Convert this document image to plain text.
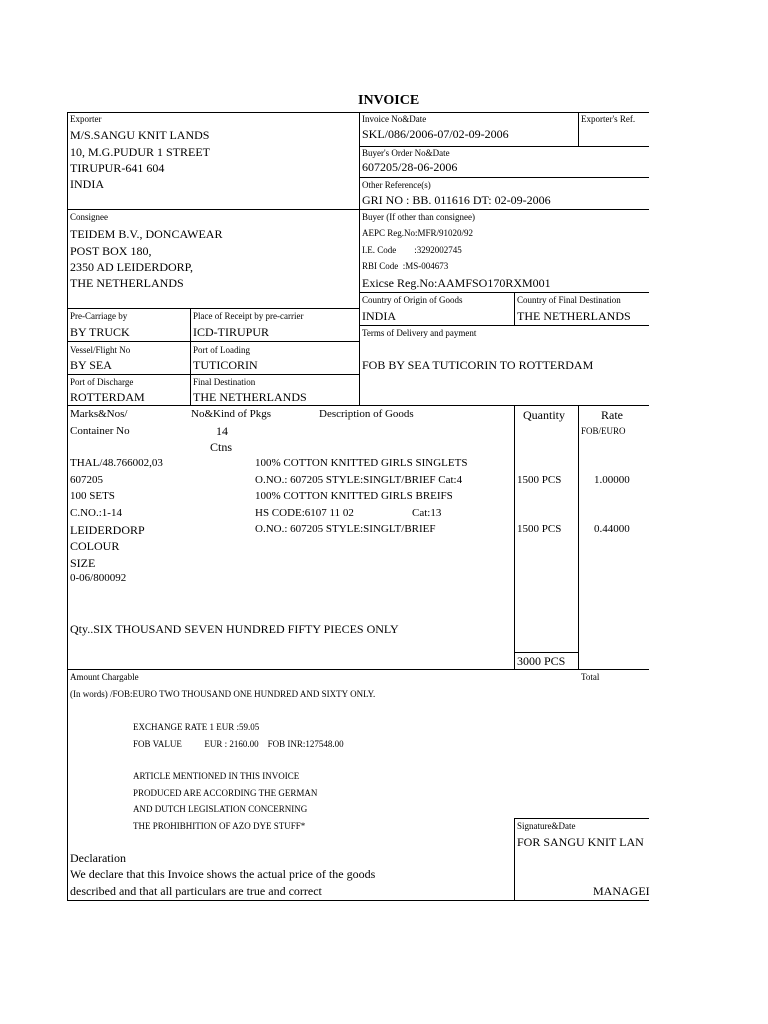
INVOICE
Exporter
M/S.SANGU KNIT LANDS
10, M.G.PUDUR 1 STREET
TIRUPUR-641 604
INDIA
Invoice No&Date
SKL/086/2006-07/02-09-2006
Exporter's Ref.
Buyer's Order No&Date
607205/28-06-2006
Other Reference(s)
GRI NO : BB. 011616 DT: 02-09-2006
Consignee
TEIDEM B.V., DONCAWEAR
POST BOX 180,
2350 AD LEIDERDORP,
THE NETHERLANDS
Buyer (If other than consignee)
AEPC Reg.No:MFR/91020/92
I.E. Code        :3292002745
RBI Code  :MS-004673
Exicse Reg.No:AAMFSO170RXM001
Country of Origin of Goods
INDIA
Country of Final Destination
THE NETHERLANDS
Pre-Carriage by
BY TRUCK
Place of Receipt by pre-carrier
ICD-TIRUPUR	Terms of Delivery and payment
FOB BY SEA TUTICORIN TO ROTTERDAM
Vessel/Flight No
BY SEA
Port of Loading
TUTICORIN
Port of Discharge
ROTTERDAM
Final Destination
THE NETHERLANDS
Marks&Nos/
Container No
No&Kind of Pkgs
14
Ctns
Description of Goods	Quantity	Rate
FOB/EURO
THAL/48.766002,03
607205
100 SETS
C.NO.:1-14
LEIDERDORP
COLOUR
SIZE
0-06/800092
100% COTTON KNITTED GIRLS SINGLETS
O.NO.: 607205 STYLE:SINGLT/BRIEF Cat:4	1500 PCS	1.00000
100% COTTON KNITTED GIRLS BREIFS
HS CODE:6107 11 02	Cat:13
O.NO.: 607205 STYLE:SINGLT/BRIEF	1500 PCS	0.44000
Qty..SIX THOUSAND SEVEN HUNDRED FIFTY PIECES ONLY
3000 PCS
Amount Chargable	Total
(In words) /FOB:EURO TWO THOUSAND ONE HUNDRED AND SIXTY ONLY.
EXCHANGE RATE 1 EUR :59.05
FOB VALUE          EUR : 2160.00    FOB INR:127548.00
ARTICLE MENTIONED IN THIS INVOICE
PRODUCED ARE ACCORDING THE GERMAN
AND DUTCH LEGISLATION CONCERNING
THE PROHIBHITION OF AZO DYE STUFF*	Signature&Date
FOR SANGU KNIT LAN
MANAGEI
Declaration
We declare that this Invoice shows the actual price of the goods
described and that all particulars are true and correct
